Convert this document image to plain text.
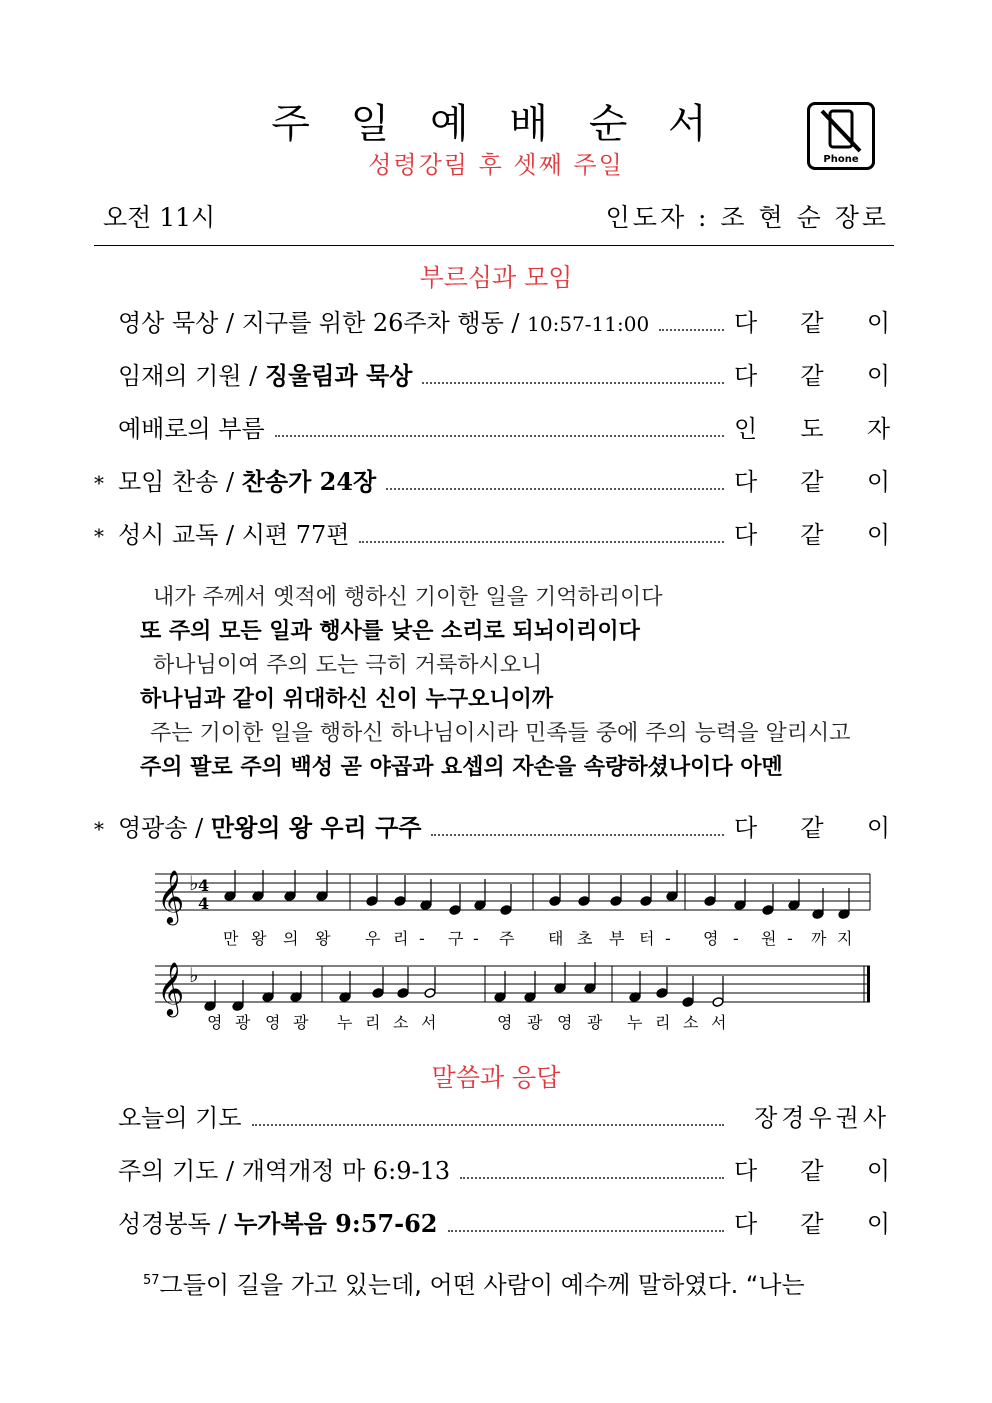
주 일 예 배 순 서
성령강림 후 셋째 주일	Phone
오전 11시	인도자 : 조 현 순 장로
부르심과 모임
영상 묵상 / 지구를 위한 26주차 행동 / 10:57-11:00	다 같 이
임재의 기원 / 징울림과 묵상	다 같 이
예배로의 부름	인 도 자
* 모임 찬송 / 찬송가 24장	다 같 이
* 성시 교독 / 시편 77편	다 같 이
내가 주께서 옛적에 행하신 기이한 일을 기억하리이다
또 주의 모든 일과 행사를 낮은 소리로 되뇌이리이다
하나님이여 주의 도는 극히 거룩하시오니
하나님과 같이 위대하신 신이 누구오니이까
주는 기이한 일을 행하신 하나님이시라 민족들 중에 주의 능력을 알리시고
주의 팔로 주의 백성 곧 야곱과 요셉의 자손을 속량하셨나이다 아멘
* 영광송 / 만왕의 왕 우리 구주	다 같 이
𝄞 ♭ 4
4
만 왕 의 왕 우 리 - 구 - 주 태 초 부 터 - 영 - 원 - 까 지
𝄞 ♭
영 광 영 광 누 리 소 서	영 광 영 광 누 리 소 서
말씀과 응답
오늘의 기도	장경우권사
주의 기도 / 개역개정 마 6:9-13	다 같 이
성경봉독 / 누가복음 9:57-62	다 같 이
$^{57}$그들이 길을 가고 있는데, 어떤 사람이 예수께 말하였다. “나는
